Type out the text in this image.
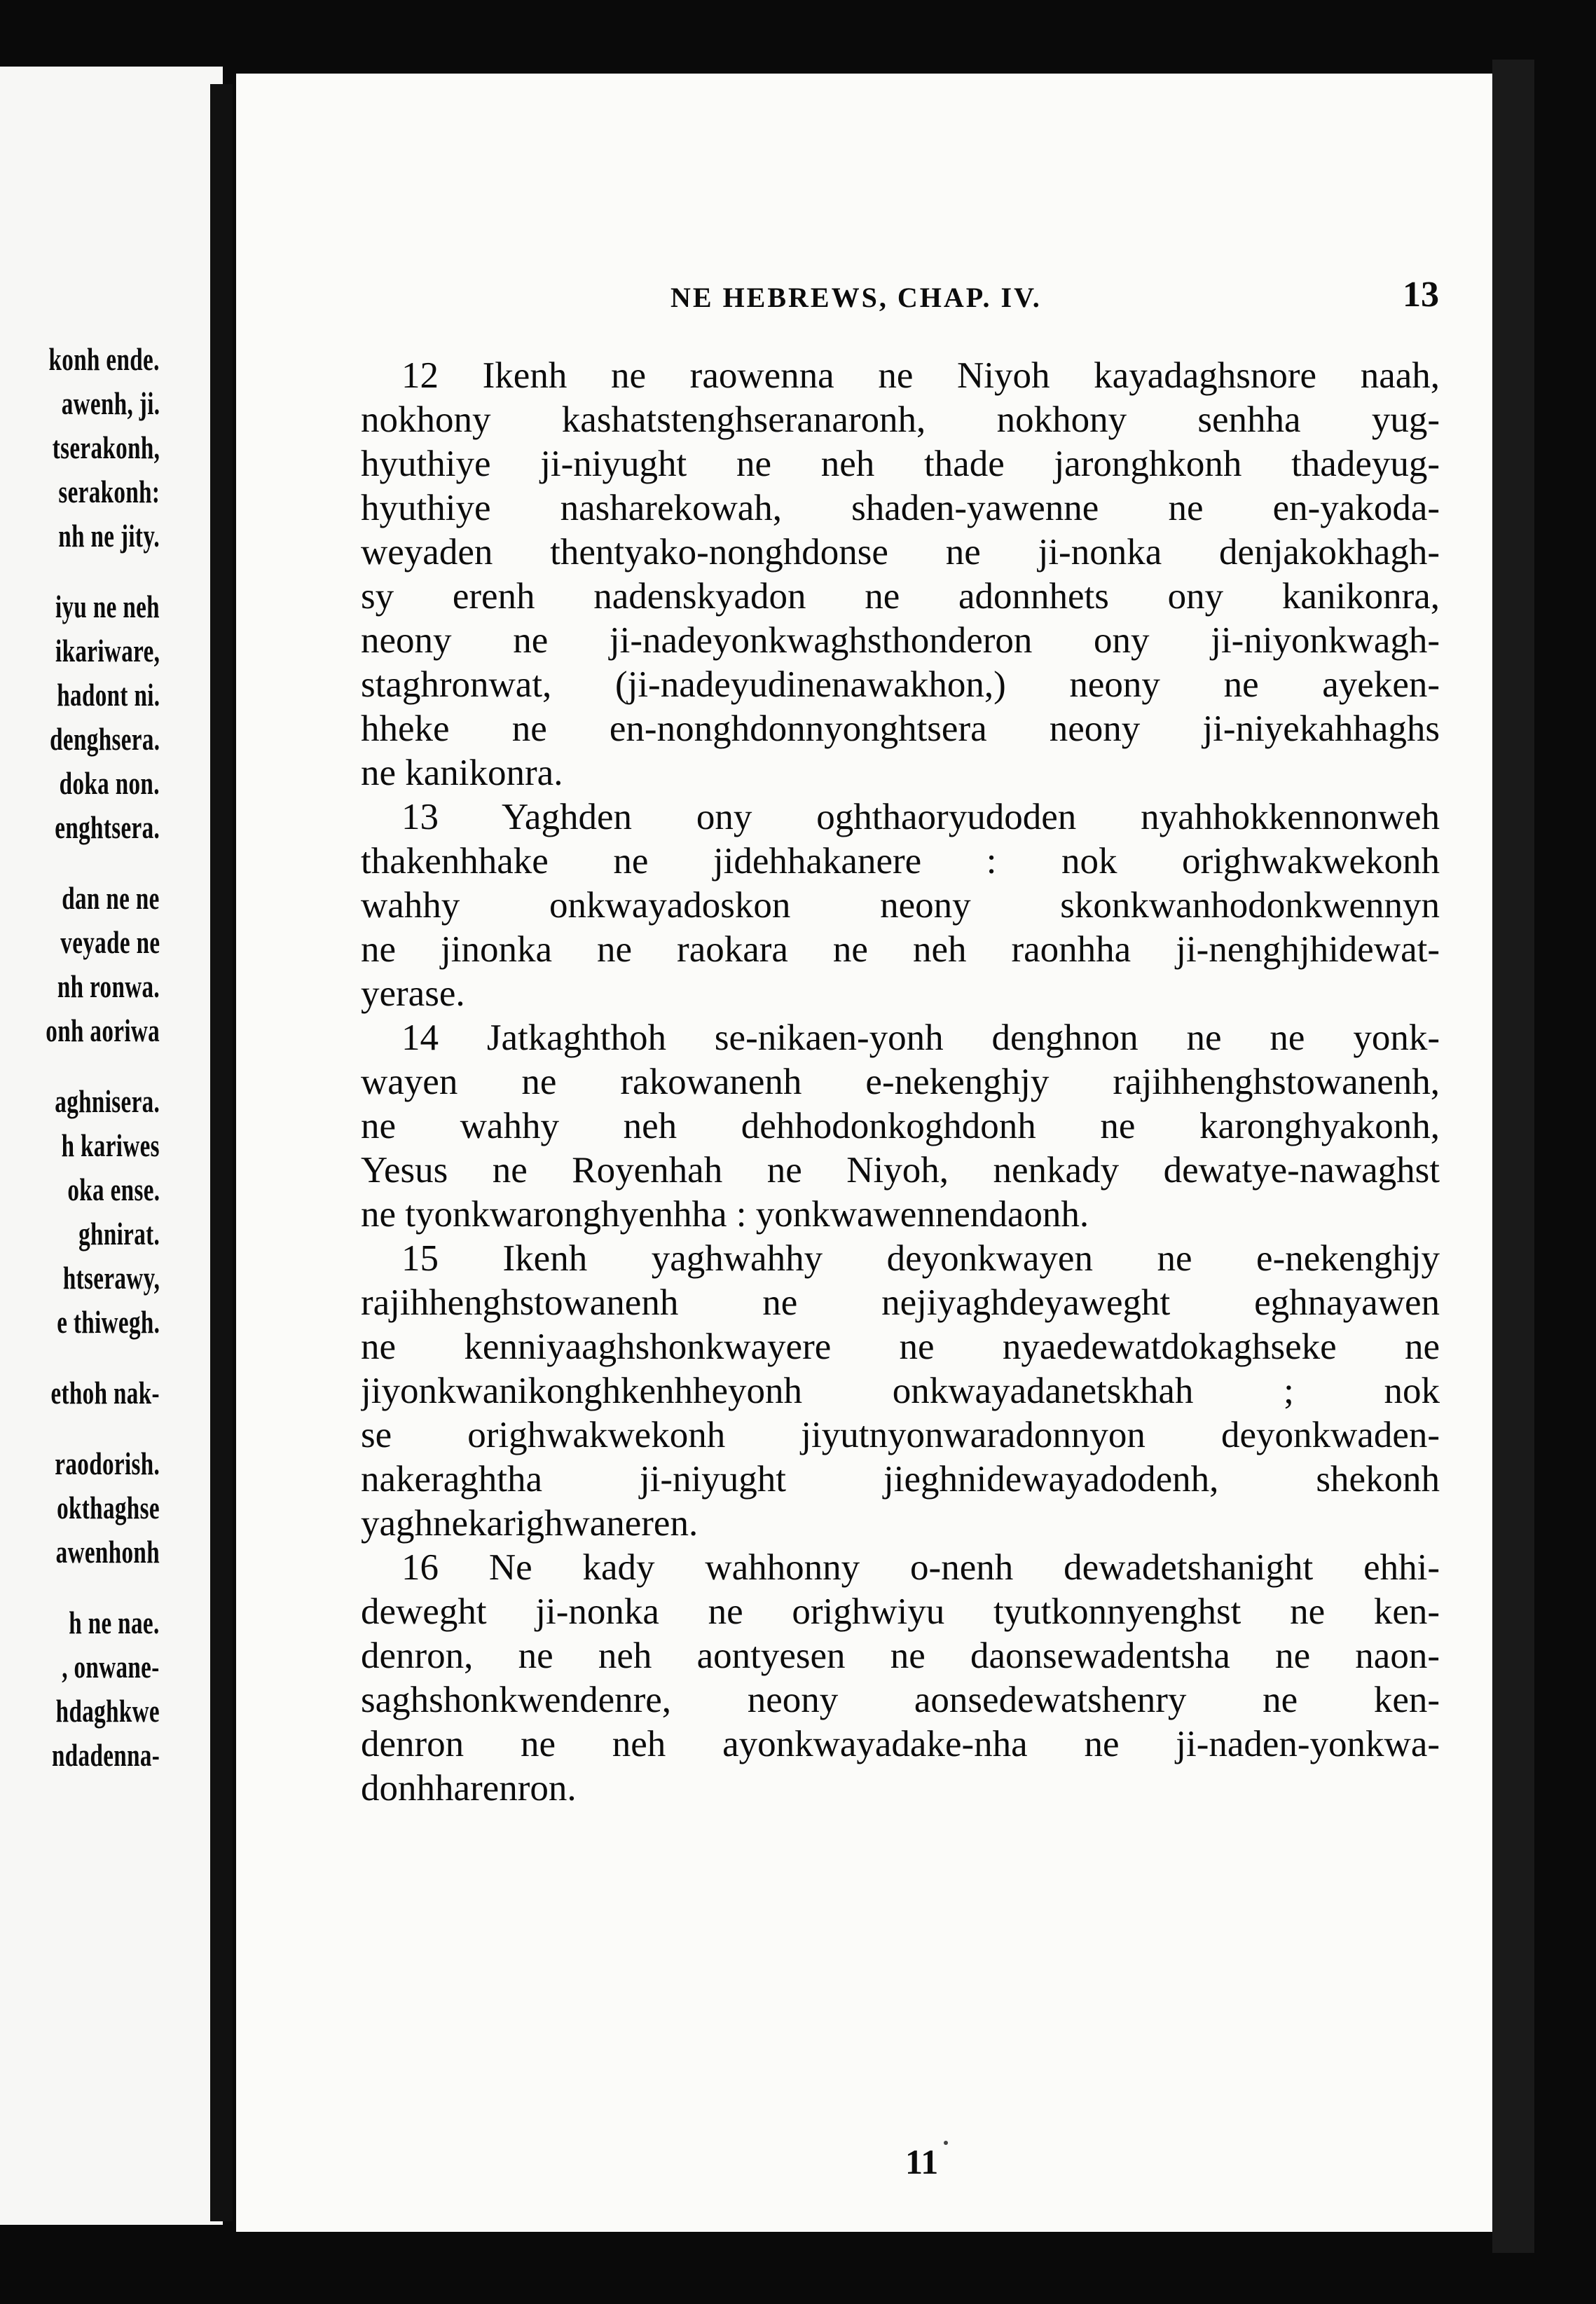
konh ende.
awenh, ji.
tserakonh,
serakonh:
nh ne jity.
iyu ne neh
ikariware,
hadont ni.
denghsera.
doka non.
enghtsera.
dan ne ne
veyade ne
nh ronwa.
onh aoriwa
aghnisera.
h kariwes
oka ense.
ghnirat.
htserawy,
e thiwegh.
ethoh nak-
raodorish.
okthaghse
awenhonh
h ne nae.
, onwane-
hdaghkwe
ndadenna-
NE HEBREWS, CHAP. IV.	13
12 Ikenh ne raowenna ne Niyoh kayadaghsnore naah,
nokhony kashatstenghseranaronh, nokhony senhha yug-
hyuthiye ji-niyught ne neh thade jaronghkonh thadeyug-
hyuthiye nasharekowah, shaden-yawenne ne en-yakoda-
weyaden thentyako-nonghdonse ne ji-nonka denjakokhagh-
sy erenh nadenskyadon ne adonnhets ony kanikonra,
neony ne ji-nadeyonkwaghsthonderon ony ji-niyonkwagh-
staghronwat, (ji-nadeyudinenawakhon,) neony ne ayeken-
hheke ne en-nonghdonnyonghtsera neony ji-niyekahhaghs
ne kanikonra.
13 Yaghden ony oghthaoryudoden nyahhokkennonweh
thakenhhake ne jidehhakanere : nok orighwakwekonh
wahhy onkwayadoskon neony skonkwanhodonkwennyn
ne jinonka ne raokara ne neh raonhha ji-nenghjhidewat-
yerase.
14 Jatkaghthoh se-nikaen-yonh denghnon ne ne yonk-
wayen ne rakowanenh e-nekenghjy rajihhenghstowanenh,
ne wahhy neh dehhodonkoghdonh ne karonghyakonh,
Yesus ne Royenhah ne Niyoh, nenkady dewatye-nawaghst
ne tyonkwaronghyenhha : yonkwawennendaonh.
15 Ikenh yaghwahhy deyonkwayen ne e-nekenghjy
rajihhenghstowanenh ne nejiyaghdeyaweght eghnayawen
ne kenniyaaghshonkwayere ne nyaedewatdokaghseke ne
jiyonkwanikonghkenhheyonh onkwayadanetskhah ; nok
se orighwakwekonh jiyutnyonwaradonnyon deyonkwaden-
nakeraghtha ji-niyught jieghnidewayadodenh, shekonh
yaghnekarighwaneren.
16 Ne kady wahhonny o-nenh dewadetshanight ehhi-
deweght ji-nonka ne orighwiyu tyutkonnyenghst ne ken-
denron, ne neh aontyesen ne daonsewadentsha ne naon-
saghshonkwendenre, neony aonsedewatshenry ne ken-
denron ne neh ayonkwayadake-nha ne ji-naden-yonkwa-
donhharenron.
11
